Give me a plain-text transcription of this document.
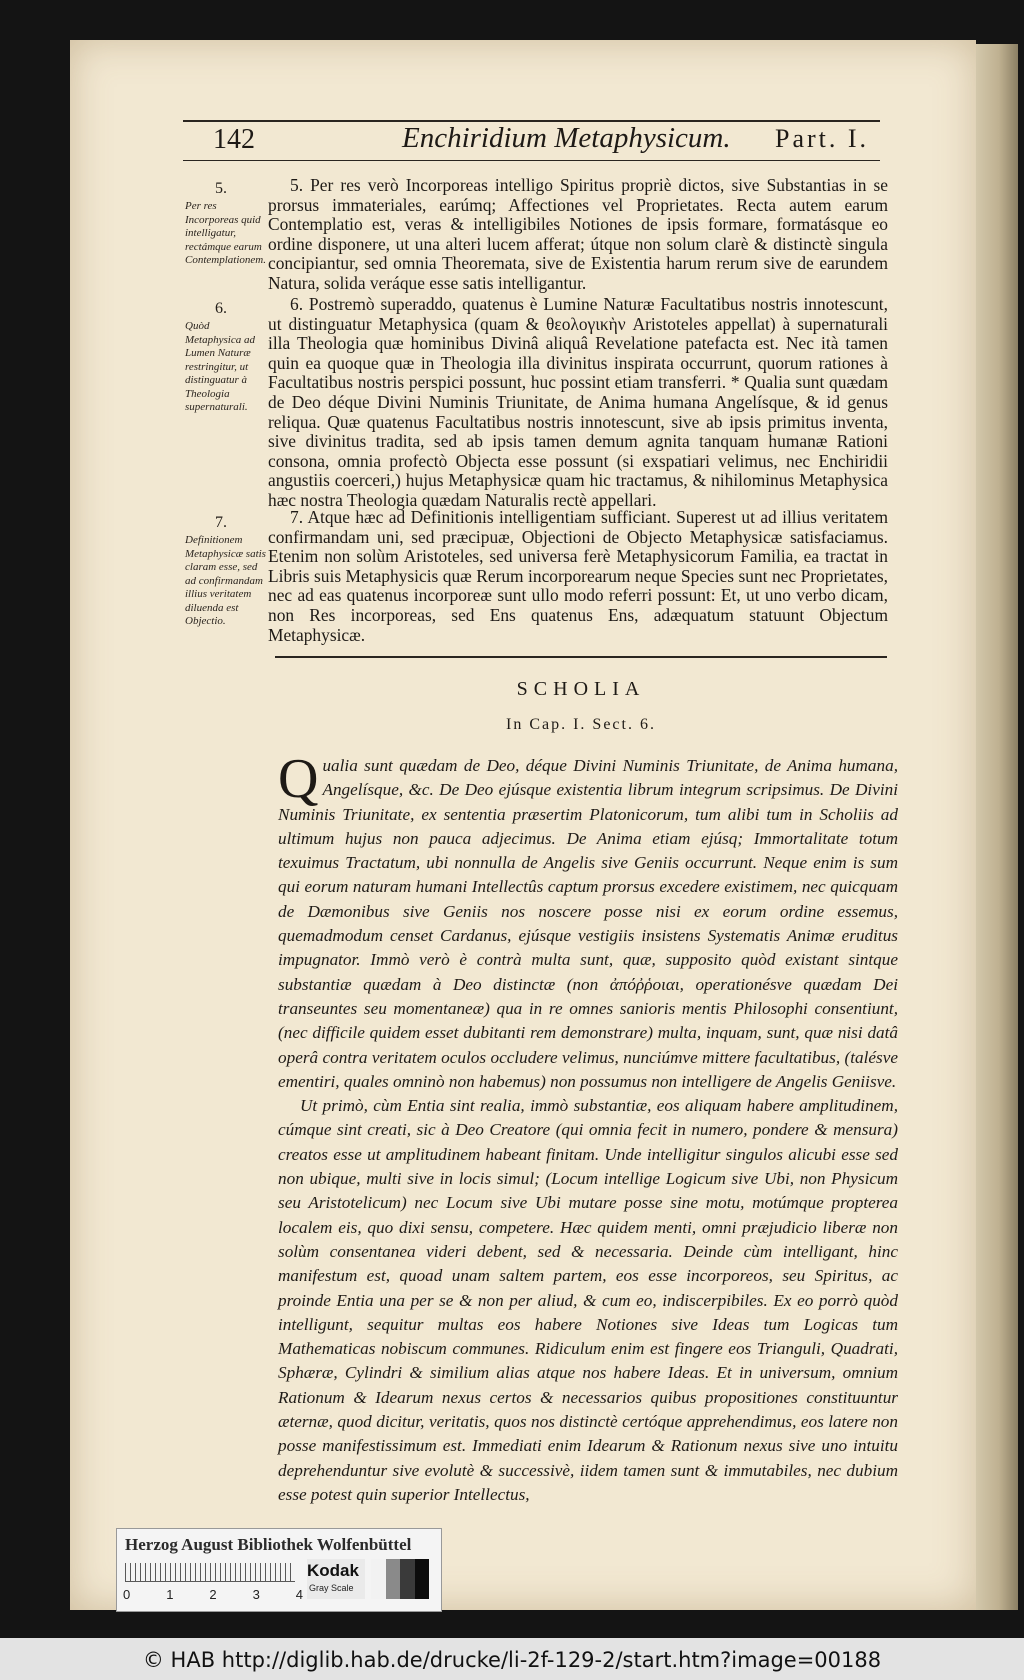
142	Enchiridium Metaphysicum. Part. I.
5.
Per res Incorporeas quid intelligatur, rectámque earum Contemplationem.
5. Per res verò Incorporeas intelligo Spiritus propriè dictos, sive Substantias in se prorsus immateriales, earúmq; Affectiones vel Proprietates. Recta autem earum Contemplatio est, veras & intelligibiles Notiones de ipsis formare, formatásque eo ordine disponere, ut una alteri lucem afferat; útque non solum clarè & distinctè singula concipiantur, sed omnia Theoremata, sive de Existentia harum rerum sive de earundem Natura, solida veráque esse satis intelligantur.
6.
Quòd Metaphysica ad Lumen Naturæ restringitur, ut distinguatur à Theologia supernaturali.
6. Postremò superaddo, quatenus è Lumine Naturæ Facultatibus nostris innotescunt, ut distinguatur Metaphysica (quam & θεολογικὴν Aristoteles appellat) à supernaturali illa Theologia quæ hominibus Divinâ aliquâ Revelatione patefacta est. Nec ità tamen quin ea quoque quæ in Theologia illa divinitus inspirata occurrunt, quorum rationes à Facultatibus nostris perspici possunt, huc possint etiam transferri. * Qualia sunt quædam de Deo déque Divini Numinis Triunitate, de Anima humana Angelísque, & id genus reliqua. Quæ quatenus Facultatibus nostris innotescunt, sive ab ipsis primitus inventa, sive divinitus tradita, sed ab ipsis tamen demum agnita tanquam humanæ Rationi consona, omnia profectò Objecta esse possunt (si exspatiari velimus, nec Enchiridii angustiis coerceri,) hujus Metaphysicæ quam hic tractamus, & nihilominus Metaphysica hæc nostra Theologia quædam Naturalis rectè appellari.
7.
Definitionem Metaphysicæ satis claram esse, sed ad confirmandam illius veritatem diluenda est Objectio.
7. Atque hæc ad Definitionis intelligentiam sufficiant. Superest ut ad illius veritatem confirmandam uni, sed præcipuæ, Objectioni de Objecto Metaphysicæ satisfaciamus. Etenim non solùm Aristoteles, sed universa ferè Metaphysicorum Familia, ea tractat in Libris suis Metaphysicis quæ Rerum incorporearum neque Species sunt nec Proprietates, nec ad eas quatenus incorporeæ sunt ullo modo referri possunt: Et, ut uno verbo dicam, non Res incorporeas, sed Ens quatenus Ens, adæquatum statuunt Objectum Metaphysicæ.
SCHOLIA
In Cap. I. Sect. 6.
Q ualia sunt quædam de Deo, déque Divini Numinis Triunitate, de Anima humana, Angelísque, &c. De Deo ejúsque existentia librum integrum scripsimus. De Divini Numinis Triunitate, ex sententia præsertim Platonicorum, tum alibi tum in Scholiis ad ultimum hujus non pauca adjecimus. De Anima etiam ejúsq; Immortalitate totum texuimus Tractatum, ubi nonnulla de Angelis sive Geniis occurrunt. Neque enim is sum qui eorum naturam humani Intellectûs captum prorsus excedere existimem, nec quicquam de Dæmonibus sive Geniis nos noscere posse nisi ex eorum ordine essemus, quemadmodum censet Cardanus, ejúsque vestigiis insistens Systematis Animæ eruditus impugnator. Immò verò è contrà multa sunt, quæ, supposito quòd existant sintque substantiæ quædam à Deo distinctæ (non ἀπόῤῥοιαι, operationésve quædam Dei transeuntes seu momentaneæ) qua in re omnes sanioris mentis Philosophi consentiunt, (nec difficile quidem esset dubitanti rem demonstrare) multa, inquam, sunt, quæ nisi datâ operâ contra veritatem oculos occludere velimus, nunciúmve mittere facultatibus, (talésve ementiri, quales omninò non habemus) non possumus non intelligere de Angelis Geniisve.
Ut primò, cùm Entia sint realia, immò substantiæ, eos aliquam habere amplitudinem, cúmque sint creati, sic à Deo Creatore (qui omnia fecit in numero, pondere & mensura) creatos esse ut amplitudinem habeant finitam. Unde intelligitur singulos alicubi esse sed non ubique, multi sive in locis simul; (Locum intellige Logicum sive Ubi, non Physicum seu Aristotelicum) nec Locum sive Ubi mutare posse sine motu, motúmque propterea localem eis, quo dixi sensu, competere. Hæc quidem menti, omni præjudicio liberæ non solùm consentanea videri debent, sed & necessaria. Deinde cùm intelligant, hinc manifestum est, quoad unam saltem partem, eos esse incorporeos, seu Spiritus, ac proinde Entia una per se & non per aliud, & cum eo, indiscerpibiles. Ex eo porrò quòd intelligunt, sequitur multas eos habere Notiones sive Ideas tum Logicas tum Mathematicas nobiscum communes. Ridiculum enim est fingere eos Trianguli, Quadrati, Sphæræ, Cylindri & similium alias atque nos habere Ideas. Et in universum, omnium Rationum & Idearum nexus certos & necessarios quibus propositiones constituuntur æternæ, quod dicitur, veritatis, quos nos distinctè certóque apprehendimus, eos latere non posse manifestissimum est. Immediati enim Idearum & Rationum nexus sive uno intuitu deprehenduntur sive evolutè & successivè, iidem tamen sunt & immutabiles, nec dubium esse potest quin superior Intellectus,
Herzog August Bibliothek Wolfenbüttel
0	1	2	3	4
Kodak
Gray Scale
© HAB http://diglib.hab.de/drucke/li-2f-129-2/start.htm?image=00188
